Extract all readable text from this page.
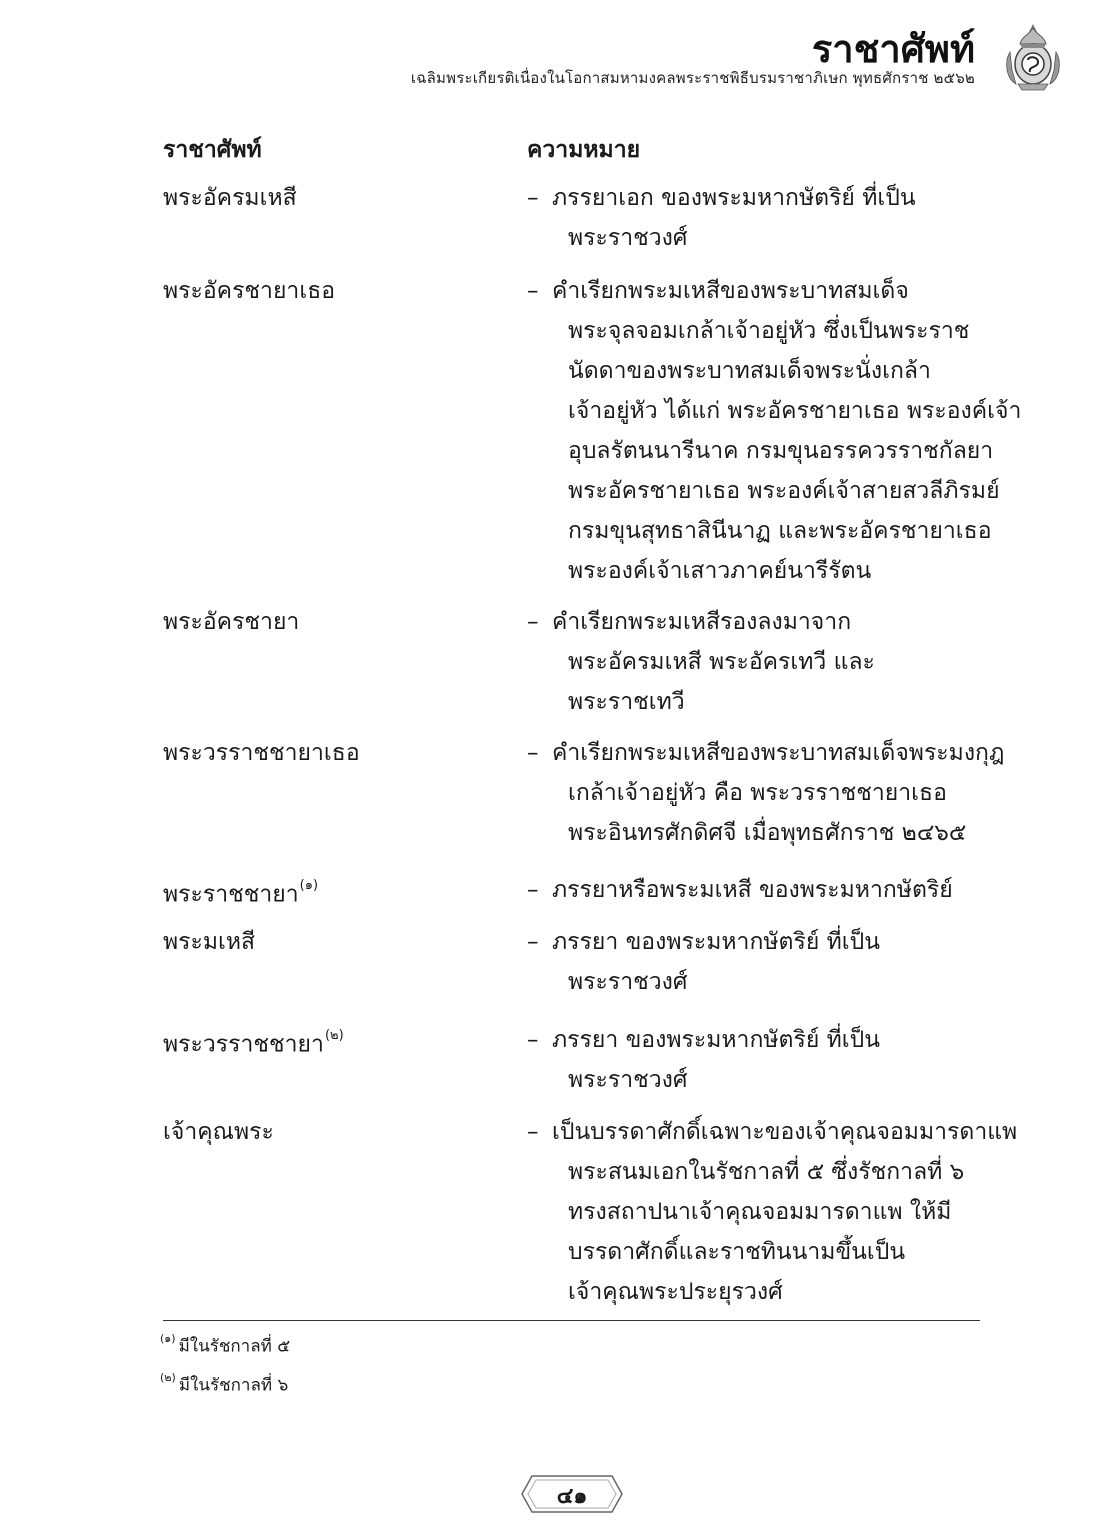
ราชาศัพท์
เฉลิมพระเกียรติเนื่องในโอกาสมหามงคลพระราชพิธีบรมราชาภิเษก พุทธศักราช ๒๕๖๒
ราชาศัพท์	ความหมาย
พระอัครมเหสี	– ภรรยาเอก ของพระมหากษัตริย์ ที่เป็น
พระราชวงศ์
พระอัครชายาเธอ	– คำเรียกพระมเหสีของพระบาทสมเด็จ
พระจุลจอมเกล้าเจ้าอยู่หัว ซึ่งเป็นพระราช
นัดดาของพระบาทสมเด็จพระนั่งเกล้า
เจ้าอยู่หัว ได้แก่ พระอัครชายาเธอ พระองค์เจ้า
อุบลรัตนนารีนาค กรมขุนอรรควรราชกัลยา
พระอัครชายาเธอ พระองค์เจ้าสายสวลีภิรมย์
กรมขุนสุทธาสินีนาฏ และพระอัครชายาเธอ
พระองค์เจ้าเสาวภาคย์นารีรัตน
พระอัครชายา	– คำเรียกพระมเหสีรองลงมาจาก
พระอัครมเหสี พระอัครเทวี และ
พระราชเทวี
พระวรราชชายาเธอ	– คำเรียกพระมเหสีของพระบาทสมเด็จพระมงกุฎ
เกล้าเจ้าอยู่หัว คือ พระวรราชชายาเธอ
พระอินทรศักดิศจี เมื่อพุทธศักราช ๒๔๖๕
พระราชชายา$^{(๑)}$	– ภรรยาหรือพระมเหสี ของพระมหากษัตริย์
พระมเหสี	– ภรรยา ของพระมหากษัตริย์ ที่เป็น
พระราชวงศ์
พระวรราชชายา$^{(๒)}$	– ภรรยา ของพระมหากษัตริย์ ที่เป็น
พระราชวงศ์
เจ้าคุณพระ	– เป็นบรรดาศักดิ์เฉพาะของเจ้าคุณจอมมารดาแพ
พระสนมเอกในรัชกาลที่ ๕ ซึ่งรัชกาลที่ ๖
ทรงสถาปนาเจ้าคุณจอมมารดาแพ ให้มี
บรรดาศักดิ์และราชทินนามขึ้นเป็น
เจ้าคุณพระประยุรวงศ์
$^{(๑)}$ มีในรัชกาลที่ ๕
$^{(๒)}$ มีในรัชกาลที่ ๖
๔๑
